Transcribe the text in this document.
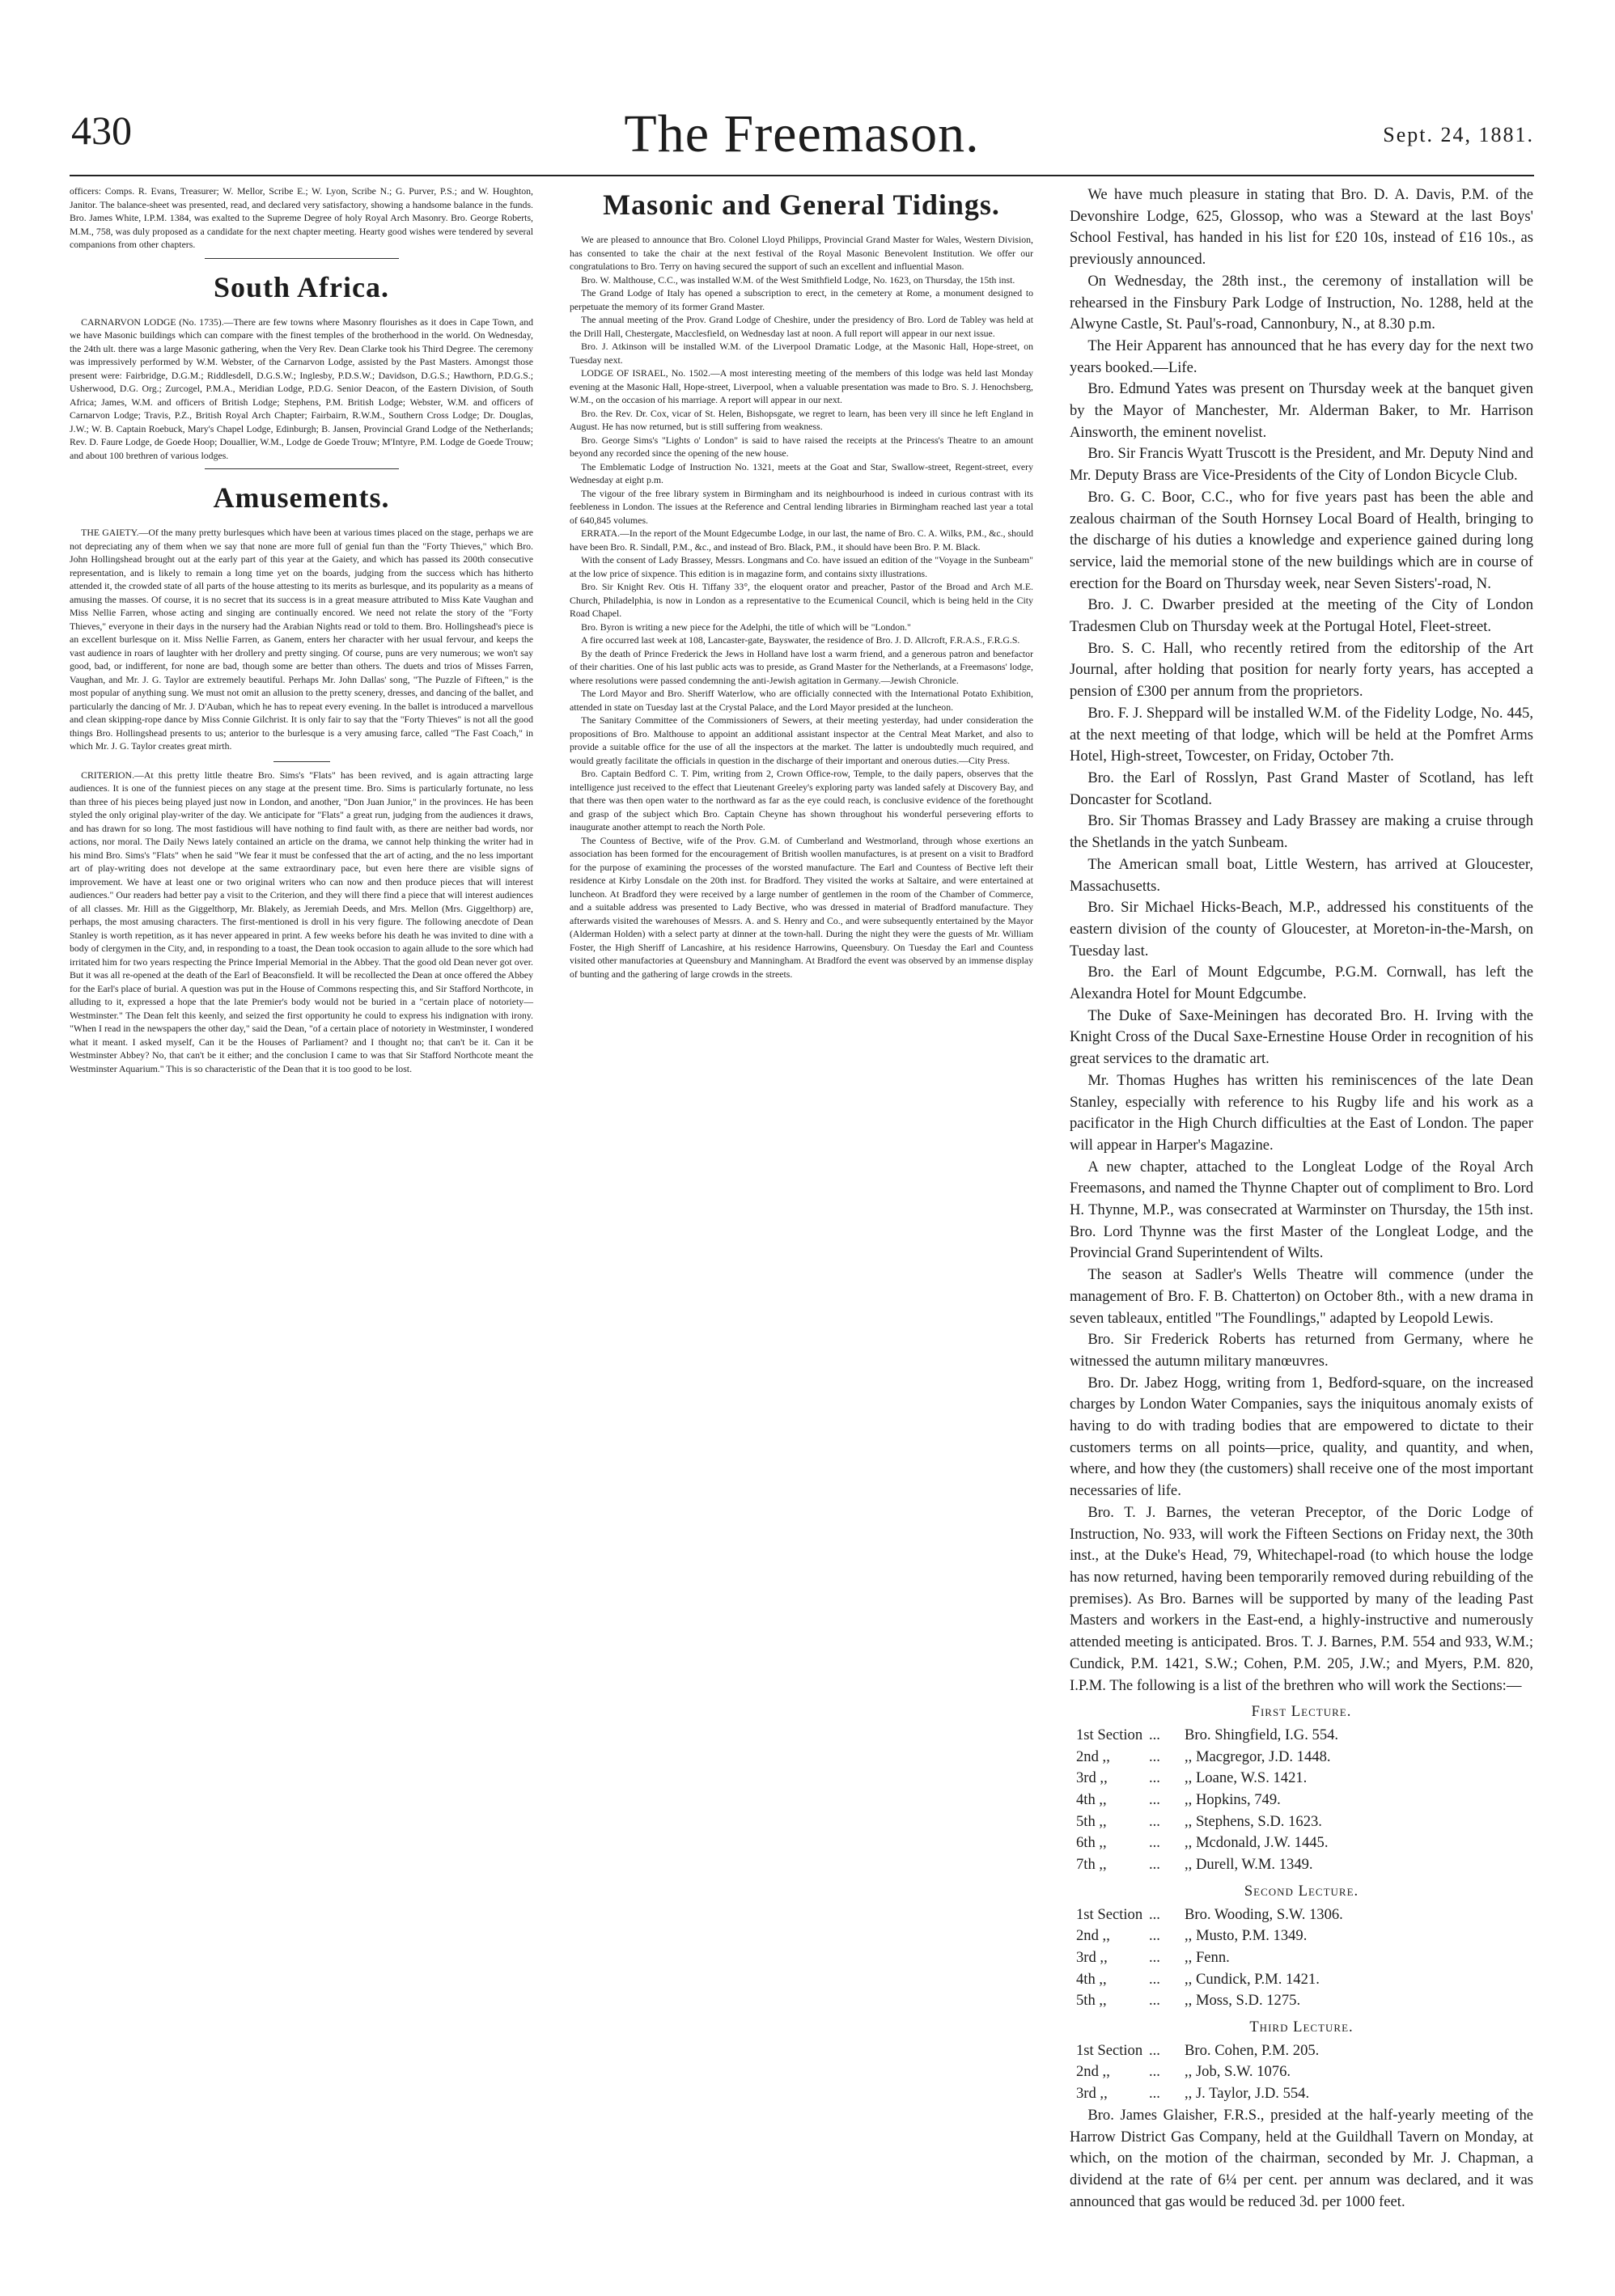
430	The Freemason.	Sept. 24, 1881.

officers: Comps. R. Evans, Treasurer; W. Mellor, Scribe E.; W. Lyon, Scribe N.; G. Purver, P.S.; and W. Houghton, Janitor. The balance-sheet was presented, read, and declared very satisfactory, showing a handsome balance in the funds. Bro. James White, I.P.M. 1384, was exalted to the Supreme Degree of holy Royal Arch Masonry. Bro. George Roberts, M.M., 758, was duly proposed as a candidate for the next chapter meeting. Hearty good wishes were tendered by several companions from other chapters.

South Africa.

CARNARVON LODGE (No. 1735).—There are few towns where Masonry flourishes as it does in Cape Town, and we have Masonic buildings which can compare with the finest temples of the brotherhood in the world. On Wednesday, the 24th ult. there was a large Masonic gathering, when the Very Rev. Dean Clarke took his Third Degree. The ceremony was impressively performed by W.M. Webster, of the Carnarvon Lodge, assisted by the Past Masters. Amongst those present were: Fairbridge, D.G.M.; Riddlesdell, D.G.S.W.; Inglesby, P.D.S.W.; Davidson, D.G.S.; Hawthorn, P.D.G.S.; Usherwood, D.G. Org.; Zurcogel, P.M.A., Meridian Lodge, P.D.G. Senior Deacon, of the Eastern Division, of South Africa; James, W.M. and officers of British Lodge; Stephens, P.M. British Lodge; Webster, W.M. and officers of Carnarvon Lodge; Travis, P.Z., British Royal Arch Chapter; Fairbairn, R.W.M., Southern Cross Lodge; Dr. Douglas, J.W.; W. B. Captain Roebuck, Mary's Chapel Lodge, Edinburgh; B. Jansen, Provincial Grand Lodge of the Netherlands; Rev. D. Faure Lodge, de Goede Hoop; Douallier, W.M., Lodge de Goede Trouw; M'Intyre, P.M. Lodge de Goede Trouw; and about 100 brethren of various lodges.

Amusements.

THE GAIETY.—Of the many pretty burlesques which have been at various times placed on the stage, perhaps we are not depreciating any of them when we say that none are more full of genial fun than the "Forty Thieves," which Bro. John Hollingshead brought out at the early part of this year at the Gaiety, and which has passed its 200th consecutive representation, and is likely to remain a long time yet on the boards, judging from the success which has hitherto attended it, the crowded state of all parts of the house attesting to its merits as burlesque, and its popularity as a means of amusing the masses. Of course, it is no secret that its success is in a great measure attributed to Miss Kate Vaughan and Miss Nellie Farren, whose acting and singing are continually encored. We need not relate the story of the "Forty Thieves," everyone in their days in the nursery had the Arabian Nights read or told to them. Bro. Hollingshead's piece is an excellent burlesque on it. Miss Nellie Farren, as Ganem, enters her character with her usual fervour, and keeps the vast audience in roars of laughter with her drollery and pretty singing. Of course, puns are very numerous; we won't say good, bad, or indifferent, for none are bad, though some are better than others. The duets and trios of Misses Farren, Vaughan, and Mr. J. G. Taylor are extremely beautiful. Perhaps Mr. John Dallas' song, "The Puzzle of Fifteen," is the most popular of anything sung. We must not omit an allusion to the pretty scenery, dresses, and dancing of the ballet, and particularly the dancing of Mr. J. D'Auban, which he has to repeat every evening. In the ballet is introduced a marvellous and clean skipping-rope dance by Miss Connie Gilchrist. It is only fair to say that the "Forty Thieves" is not all the good things Bro. Hollingshead presents to us; anterior to the burlesque is a very amusing farce, called "The Fast Coach," in which Mr. J. G. Taylor creates great mirth.

CRITERION.—At this pretty little theatre Bro. Sims's "Flats" has been revived, and is again attracting large audiences. It is one of the funniest pieces on any stage at the present time. Bro. Sims is particularly fortunate, no less than three of his pieces being played just now in London, and another, "Don Juan Junior," in the provinces. He has been styled the only original play-writer of the day. We anticipate for "Flats" a great run, judging from the audiences it draws, and has drawn for so long. The most fastidious will have nothing to find fault with, as there are neither bad words, nor actions, nor moral. The Daily News lately contained an article on the drama, we cannot help thinking the writer had in his mind Bro. Sims's "Flats" when he said "We fear it must be confessed that the art of acting, and the no less important art of play-writing does not develope at the same extraordinary pace, but even here there are visible signs of improvement. We have at least one or two original writers who can now and then produce pieces that will interest audiences." Our readers had better pay a visit to the Criterion, and they will there find a piece that will interest audiences of all classes. Mr. Hill as the Giggelthorp, Mr. Blakely, as Jeremiah Deeds, and Mrs. Mellon (Mrs. Giggelthorp) are, perhaps, the most amusing characters. The first-mentioned is droll in his very figure. The following anecdote of Dean Stanley is worth repetition, as it has never appeared in print. A few weeks before his death he was invited to dine with a body of clergymen in the City, and, in responding to a toast, the Dean took occasion to again allude to the sore which had irritated him for two years respecting the Prince Imperial Memorial in the Abbey. That the good old Dean never got over. But it was all re-opened at the death of the Earl of Beaconsfield. It will be recollected the Dean at once offered the Abbey for the Earl's place of burial. A question was put in the House of Commons respecting this, and Sir Stafford Northcote, in alluding to it, expressed a hope that the late Premier's body would not be buried in a "certain place of notoriety—Westminster." The Dean felt this keenly, and seized the first opportunity he could to express his indignation with irony. "When I read in the newspapers the other day," said the Dean, "of a certain place of notoriety in Westminster, I wondered what it meant. I asked myself, Can it be the Houses of Parliament? and I thought no; that can't be it. Can it be Westminster Abbey? No, that can't be it either; and the conclusion I came to was that Sir Stafford Northcote meant the Westminster Aquarium." This is so characteristic of the Dean that it is too good to be lost.

Masonic and General Tidings.

We are pleased to announce that Bro. Colonel Lloyd Philipps, Provincial Grand Master for Wales, Western Division, has consented to take the chair at the next festival of the Royal Masonic Benevolent Institution. We offer our congratulations to Bro. Terry on having secured the support of such an excellent and influential Mason.

Bro. W. Malthouse, C.C., was installed W.M. of the West Smithfield Lodge, No. 1623, on Thursday, the 15th inst.

The Grand Lodge of Italy has opened a subscription to erect, in the cemetery at Rome, a monument designed to perpetuate the memory of its former Grand Master.

The annual meeting of the Prov. Grand Lodge of Cheshire, under the presidency of Bro. Lord de Tabley was held at the Drill Hall, Chestergate, Macclesfield, on Wednesday last at noon. A full report will appear in our next issue.

Bro. J. Atkinson will be installed W.M. of the Liverpool Dramatic Lodge, at the Masonic Hall, Hope-street, on Tuesday next.

LODGE OF ISRAEL, No. 1502.—A most interesting meeting of the members of this lodge was held last Monday evening at the Masonic Hall, Hope-street, Liverpool, when a valuable presentation was made to Bro. S. J. Henochsberg, W.M., on the occasion of his marriage. A report will appear in our next.

Bro. the Rev. Dr. Cox, vicar of St. Helen, Bishopsgate, we regret to learn, has been very ill since he left England in August. He has now returned, but is still suffering from weakness.

Bro. George Sims's "Lights o' London" is said to have raised the receipts at the Princess's Theatre to an amount beyond any recorded since the opening of the new house.

The Emblematic Lodge of Instruction No. 1321, meets at the Goat and Star, Swallow-street, Regent-street, every Wednesday at eight p.m.

The vigour of the free library system in Birmingham and its neighbourhood is indeed in curious contrast with its feebleness in London. The issues at the Reference and Central lending libraries in Birmingham reached last year a total of 640,845 volumes.

ERRATA.—In the report of the Mount Edgecumbe Lodge, in our last, the name of Bro. C. A. Wilks, P.M., &c., should have been Bro. R. Sindall, P.M., &c., and instead of Bro. Black, P.M., it should have been Bro. P. M. Black.

With the consent of Lady Brassey, Messrs. Longmans and Co. have issued an edition of the "Voyage in the Sunbeam" at the low price of sixpence. This edition is in magazine form, and contains sixty illustrations.

Bro. Sir Knight Rev. Otis H. Tiffany 33°, the eloquent orator and preacher, Pastor of the Broad and Arch M.E. Church, Philadelphia, is now in London as a representative to the Ecumenical Council, which is being held in the City Road Chapel.

Bro. Byron is writing a new piece for the Adelphi, the title of which will be "London."

A fire occurred last week at 108, Lancaster-gate, Bayswater, the residence of Bro. J. D. Allcroft, F.R.A.S., F.R.G.S.

By the death of Prince Frederick the Jews in Holland have lost a warm friend, and a generous patron and benefactor of their charities. One of his last public acts was to preside, as Grand Master for the Netherlands, at a Freemasons' lodge, where resolutions were passed condemning the anti-Jewish agitation in Germany.—Jewish Chronicle.

The Lord Mayor and Bro. Sheriff Waterlow, who are officially connected with the International Potato Exhibition, attended in state on Tuesday last at the Crystal Palace, and the Lord Mayor presided at the luncheon.

The Sanitary Committee of the Commissioners of Sewers, at their meeting yesterday, had under consideration the propositions of Bro. Malthouse to appoint an additional assistant inspector at the Central Meat Market, and also to provide a suitable office for the use of all the inspectors at the market. The latter is undoubtedly much required, and would greatly facilitate the officials in question in the discharge of their important and onerous duties.—City Press.

Bro. Captain Bedford C. T. Pim, writing from 2, Crown Office-row, Temple, to the daily papers, observes that the intelligence just received to the effect that Lieutenant Greeley's exploring party was landed safely at Discovery Bay, and that there was then open water to the northward as far as the eye could reach, is conclusive evidence of the forethought and grasp of the subject which Bro. Captain Cheyne has shown throughout his wonderful persevering efforts to inaugurate another attempt to reach the North Pole.

The Countess of Bective, wife of the Prov. G.M. of Cumberland and Westmorland, through whose exertions an association has been formed for the encouragement of British woollen manufactures, is at present on a visit to Bradford for the purpose of examining the processes of the worsted manufacture. The Earl and Countess of Bective left their residence at Kirby Lonsdale on the 20th inst. for Bradford. They visited the works at Saltaire, and were entertained at luncheon. At Bradford they were received by a large number of gentlemen in the room of the Chamber of Commerce, and a suitable address was presented to Lady Bective, who was dressed in material of Bradford manufacture. They afterwards visited the warehouses of Messrs. A. and S. Henry and Co., and were subsequently entertained by the Mayor (Alderman Holden) with a select party at dinner at the town-hall. During the night they were the guests of Mr. William Foster, the High Sheriff of Lancashire, at his residence Harrowins, Queensbury. On Tuesday the Earl and Countess visited other manufactories at Queensbury and Manningham. At Bradford the event was observed by an immense display of bunting and the gathering of large crowds in the streets.

We have much pleasure in stating that Bro. D. A. Davis, P.M. of the Devonshire Lodge, 625, Glossop, who was a Steward at the last Boys' School Festival, has handed in his list for £20 10s, instead of £16 10s., as previously announced.

On Wednesday, the 28th inst., the ceremony of installation will be rehearsed in the Finsbury Park Lodge of Instruction, No. 1288, held at the Alwyne Castle, St. Paul's-road, Cannonbury, N., at 8.30 p.m.

The Heir Apparent has announced that he has every day for the next two years booked.—Life.

Bro. Edmund Yates was present on Thursday week at the banquet given by the Mayor of Manchester, Mr. Alderman Baker, to Mr. Harrison Ainsworth, the eminent novelist.

Bro. Sir Francis Wyatt Truscott is the President, and Mr. Deputy Nind and Mr. Deputy Brass are Vice-Presidents of the City of London Bicycle Club.

Bro. G. C. Boor, C.C., who for five years past has been the able and zealous chairman of the South Hornsey Local Board of Health, bringing to the discharge of his duties a knowledge and experience gained during long service, laid the memorial stone of the new buildings which are in course of erection for the Board on Thursday week, near Seven Sisters'-road, N.

Bro. J. C. Dwarber presided at the meeting of the City of London Tradesmen Club on Thursday week at the Portugal Hotel, Fleet-street.

Bro. S. C. Hall, who recently retired from the editorship of the Art Journal, after holding that position for nearly forty years, has accepted a pension of £300 per annum from the proprietors.

Bro. F. J. Sheppard will be installed W.M. of the Fidelity Lodge, No. 445, at the next meeting of that lodge, which will be held at the Pomfret Arms Hotel, High-street, Towcester, on Friday, October 7th.

Bro. the Earl of Rosslyn, Past Grand Master of Scotland, has left Doncaster for Scotland.

Bro. Sir Thomas Brassey and Lady Brassey are making a cruise through the Shetlands in the yatch Sunbeam.

The American small boat, Little Western, has arrived at Gloucester, Massachusetts.

Bro. Sir Michael Hicks-Beach, M.P., addressed his constituents of the eastern division of the county of Gloucester, at Moreton-in-the-Marsh, on Tuesday last.

Bro. the Earl of Mount Edgcumbe, P.G.M. Cornwall, has left the Alexandra Hotel for Mount Edgcumbe.

The Duke of Saxe-Meiningen has decorated Bro. H. Irving with the Knight Cross of the Ducal Saxe-Ernestine House Order in recognition of his great services to the dramatic art.

Mr. Thomas Hughes has written his reminiscences of the late Dean Stanley, especially with reference to his Rugby life and his work as a pacificator in the High Church difficulties at the East of London. The paper will appear in Harper's Magazine.

A new chapter, attached to the Longleat Lodge of the Royal Arch Freemasons, and named the Thynne Chapter out of compliment to Bro. Lord H. Thynne, M.P., was consecrated at Warminster on Thursday, the 15th inst. Bro. Lord Thynne was the first Master of the Longleat Lodge, and the Provincial Grand Superintendent of Wilts.

The season at Sadler's Wells Theatre will commence (under the management of Bro. F. B. Chatterton) on October 8th., with a new drama in seven tableaux, entitled "The Foundlings," adapted by Leopold Lewis.

Bro. Sir Frederick Roberts has returned from Germany, where he witnessed the autumn military manœuvres.

Bro. Dr. Jabez Hogg, writing from 1, Bedford-square, on the increased charges by London Water Companies, says the iniquitous anomaly exists of having to do with trading bodies that are empowered to dictate to their customers terms on all points—price, quality, and quantity, and when, where, and how they (the customers) shall receive one of the most important necessaries of life.

Bro. T. J. Barnes, the veteran Preceptor, of the Doric Lodge of Instruction, No. 933, will work the Fifteen Sections on Friday next, the 30th inst., at the Duke's Head, 79, Whitechapel-road (to which house the lodge has now returned, having been temporarily removed during rebuilding of the premises). As Bro. Barnes will be supported by many of the leading Past Masters and workers in the East-end, a highly-instructive and numerously attended meeting is anticipated. Bros. T. J. Barnes, P.M. 554 and 933, W.M.; Cundick, P.M. 1421, S.W.; Cohen, P.M. 205, J.W.; and Myers, P.M. 820, I.P.M. The following is a list of the brethren who will work the Sections:—

First Lecture.
1st Section ...	Bro. Shingfield, I.G. 554.
2nd ,,	...	,, Macgregor, J.D. 1448.
3rd ,,	...	,, Loane, W.S. 1421.
4th ,,	...	,, Hopkins, 749.
5th ,,	...	,, Stephens, S.D. 1623.
6th ,,	...	,, Mcdonald, J.W. 1445.
7th ,,	...	,, Durell, W.M. 1349.
Second Lecture.
1st Section ...	Bro. Wooding, S.W. 1306.
2nd ,,	...	,, Musto, P.M. 1349.
3rd ,,	...	,, Fenn.
4th ,,	...	,, Cundick, P.M. 1421.
5th ,,	...	,, Moss, S.D. 1275.
Third Lecture.
1st Section ...	Bro. Cohen, P.M. 205.
2nd ,,	...	,, Job, S.W. 1076.
3rd ,,	...	,, J. Taylor, J.D. 554.

Bro. James Glaisher, F.R.S., presided at the half-yearly meeting of the Harrow District Gas Company, held at the Guildhall Tavern on Monday, at which, on the motion of the chairman, seconded by Mr. J. Chapman, a dividend at the rate of 6¼ per cent. per annum was declared, and it was announced that gas would be reduced 3d. per 1000 feet.
